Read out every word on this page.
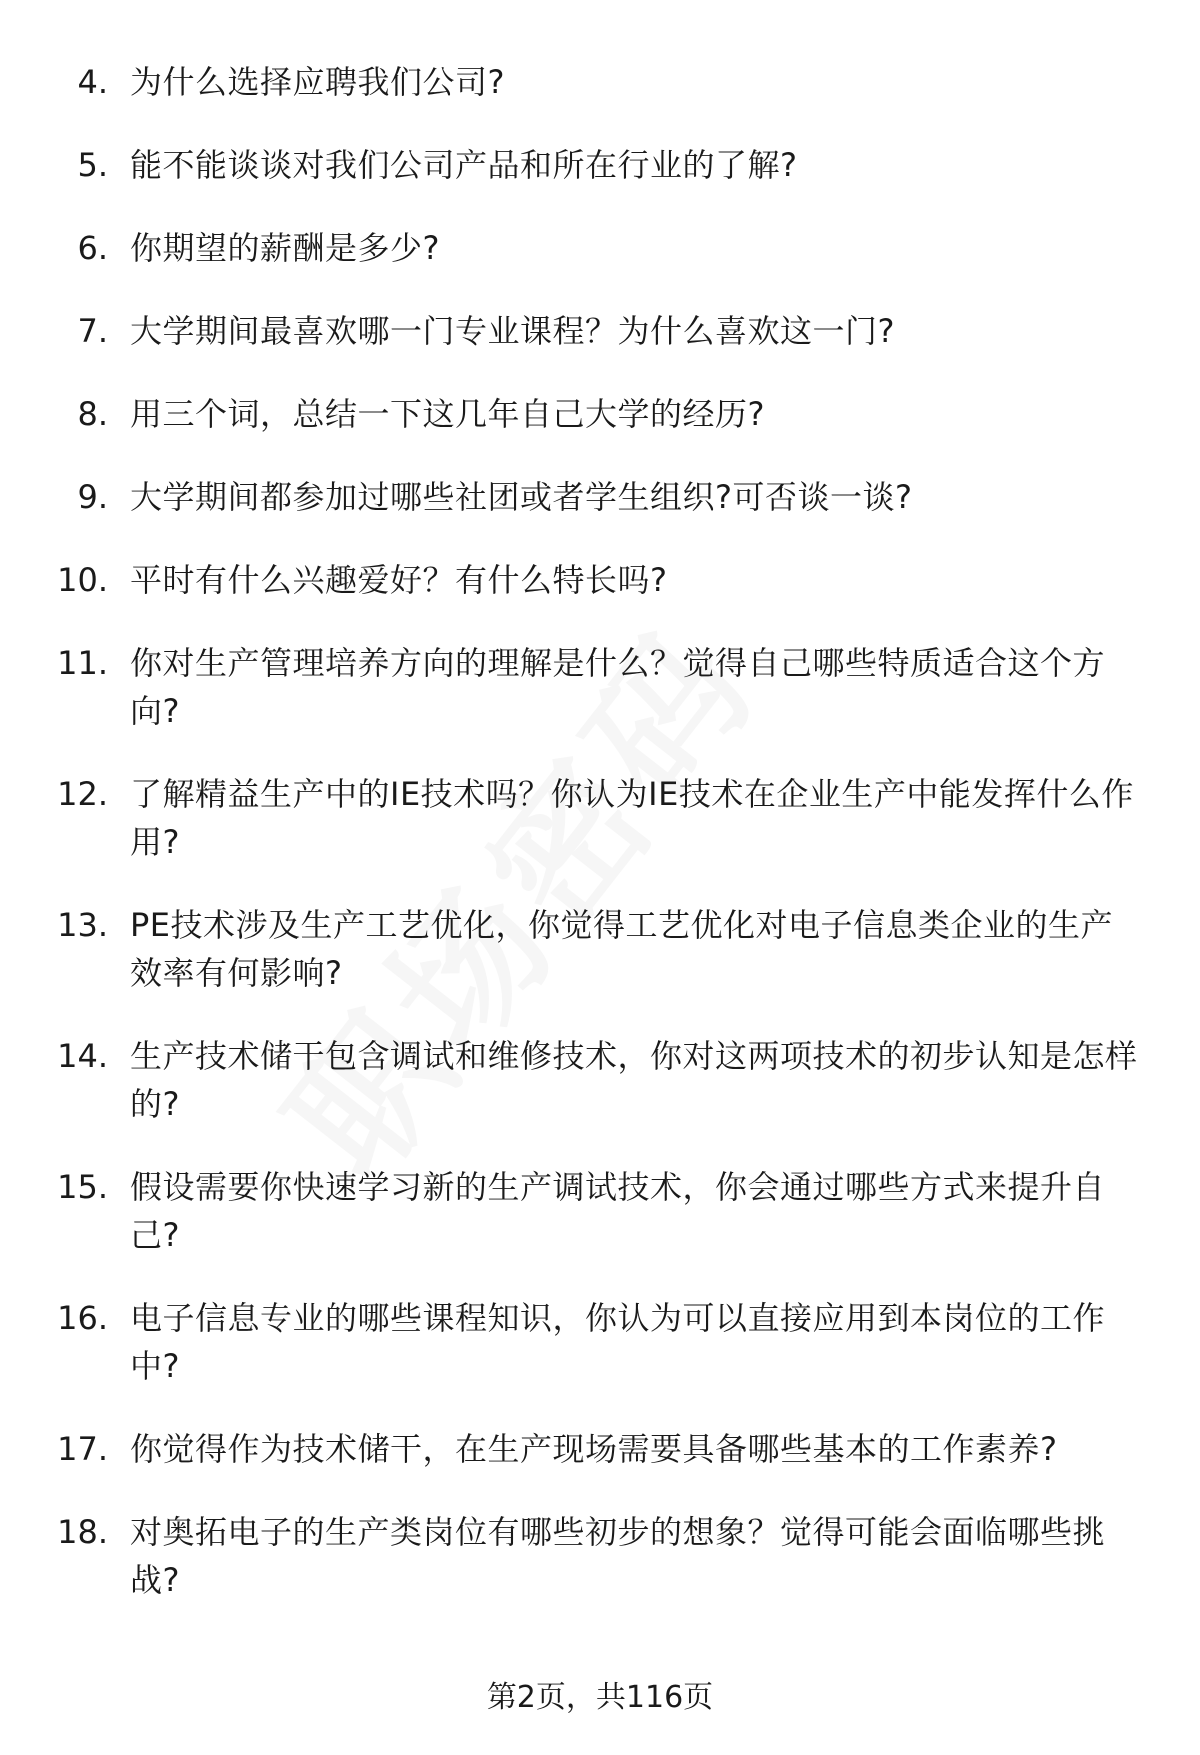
4. 为什么选择应聘我们公司?
5. 能不能谈谈对我们公司产品和所在行业的了解?
6. 你期望的薪酬是多少?
7. 大学期间最喜欢哪一门专业课程？为什么喜欢这一门?
8. 用三个词，总结一下这几年自己大学的经历?
9. 大学期间都参加过哪些社团或者学生组织?可否谈一谈?
10. 平时有什么兴趣爱好？有什么特长吗?
11. 你对生产管理培养方向的理解是什么？觉得自己哪些特质适合这个方向?
12. 了解精益生产中的IE技术吗？你认为IE技术在企业生产中能发挥什么作用?
13. PE技术涉及生产工艺优化，你觉得工艺优化对电子信息类企业的生产效率有何影响?
14. 生产技术储干包含调试和维修技术，你对这两项技术的初步认知是怎样的?
15. 假设需要你快速学习新的生产调试技术，你会通过哪些方式来提升自己?
16. 电子信息专业的哪些课程知识，你认为可以直接应用到本岗位的工作中?
17. 你觉得作为技术储干，在生产现场需要具备哪些基本的工作素养?
18. 对奥拓电子的生产类岗位有哪些初步的想象？觉得可能会面临哪些挑战?
第2页，共116页
